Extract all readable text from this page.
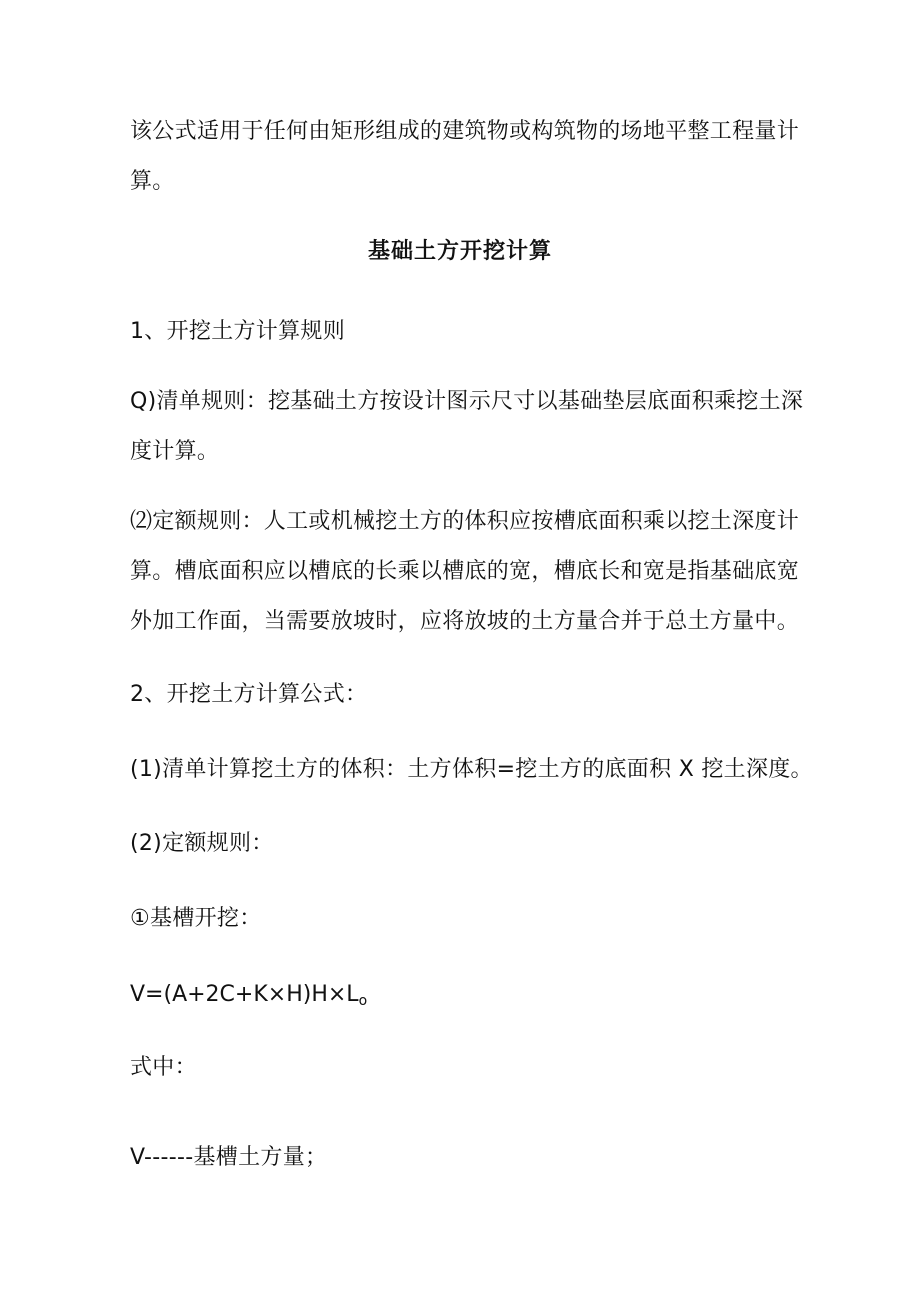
该公式适用于任何由矩形组成的建筑物或构筑物的场地平整工程量计
算。
基础土方开挖计算
1、开挖土方计算规则
Q)清单规则：挖基础土方按设计图示尺寸以基础垫层底面积乘挖土深
度计算。
⑵定额规则：人工或机械挖土方的体积应按槽底面积乘以挖土深度计
算。槽底面积应以槽底的长乘以槽底的宽，槽底长和宽是指基础底宽
外加工作面，当需要放坡时，应将放坡的土方量合并于总土方量中。
2、开挖土方计算公式：
(1)清单计算挖土方的体积：土方体积=挖土方的底面积 X 挖土深度。
(2)定额规则：
①基槽开挖：
$V=(A+2C+K\times H)H\times L_o$
式中：
V------基槽土方量；
